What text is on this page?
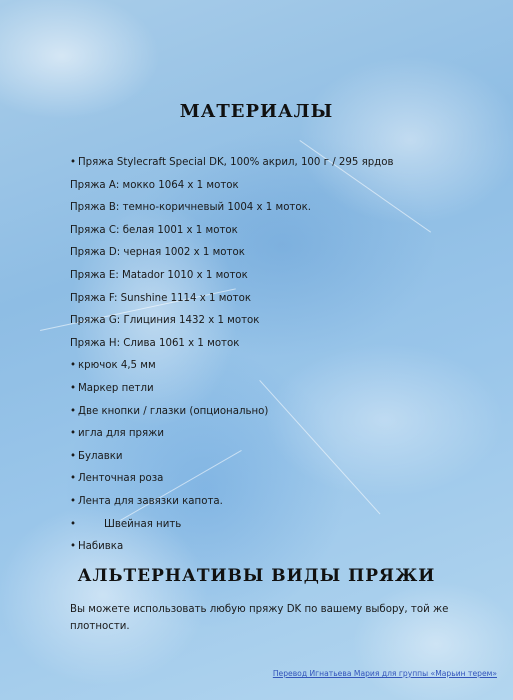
МАТЕРИАЛЫ
• Пряжа Stylecraft Special DK, 100% акрил, 100 г / 295 ярдов
Пряжа А: мокко 1064 x 1 моток
Пряжа B: темно-коричневый 1004 x 1 моток.
Пряжа C: белая 1001 x 1 моток
Пряжа D: черная 1002 x 1 моток
Пряжа E: Matador 1010 x 1 моток
Пряжа F: Sunshine 1114 x 1 моток
Пряжа G: Глициния 1432 x 1 моток
Пряжа H: Слива 1061 x 1 моток
• крючок 4,5 мм
• Маркер петли
• Две кнопки / глазки (опционально)
• игла для пряжи
• Булавки
• Ленточная роза
• Лента для завязки капота.
•	Швейная нить
• Набивка
АЛЬТЕРНАТИВЫ ВИДЫ ПРЯЖИ

Вы можете использовать любую пряжу DK по вашему выбору, той же плотности.

Перевод Игнатьева Мария для группы «Марьин терем»
